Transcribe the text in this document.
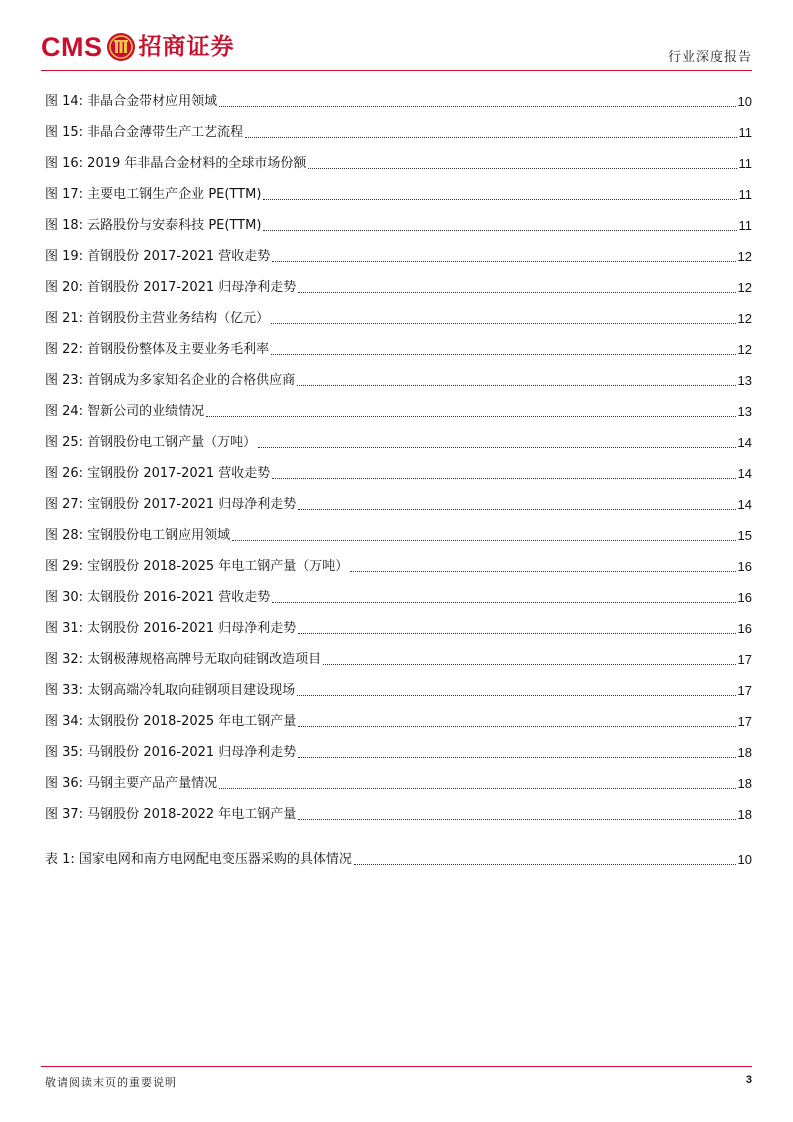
CMS 招商证券	行业深度报告
图 14: 非晶合金带材应用领域	10
图 15: 非晶合金薄带生产工艺流程	11
图 16: 2019 年非晶合金材料的全球市场份额	11
图 17: 主要电工钢生产企业 PE(TTM)	11
图 18: 云路股份与安泰科技 PE(TTM)	11
图 19: 首钢股份 2017-2021 营收走势	12
图 20: 首钢股份 2017-2021 归母净利走势	12
图 21: 首钢股份主营业务结构（亿元）	12
图 22: 首钢股份整体及主要业务毛利率	12
图 23: 首钢成为多家知名企业的合格供应商	13
图 24: 智新公司的业绩情况	13
图 25: 首钢股份电工钢产量（万吨）	14
图 26: 宝钢股份 2017-2021 营收走势	14
图 27: 宝钢股份 2017-2021 归母净利走势	14
图 28: 宝钢股份电工钢应用领域	15
图 29: 宝钢股份 2018-2025 年电工钢产量（万吨）	16
图 30: 太钢股份 2016-2021 营收走势	16
图 31: 太钢股份 2016-2021 归母净利走势	16
图 32: 太钢极薄规格高牌号无取向硅钢改造项目	17
图 33: 太钢高端冷轧取向硅钢项目建设现场	17
图 34: 太钢股份 2018-2025 年电工钢产量	17
图 35: 马钢股份 2016-2021 归母净利走势	18
图 36: 马钢主要产品产量情况	18
图 37: 马钢股份 2018-2022 年电工钢产量	18
表 1: 国家电网和南方电网配电变压器采购的具体情况	10
敬请阅读末页的重要说明	3
